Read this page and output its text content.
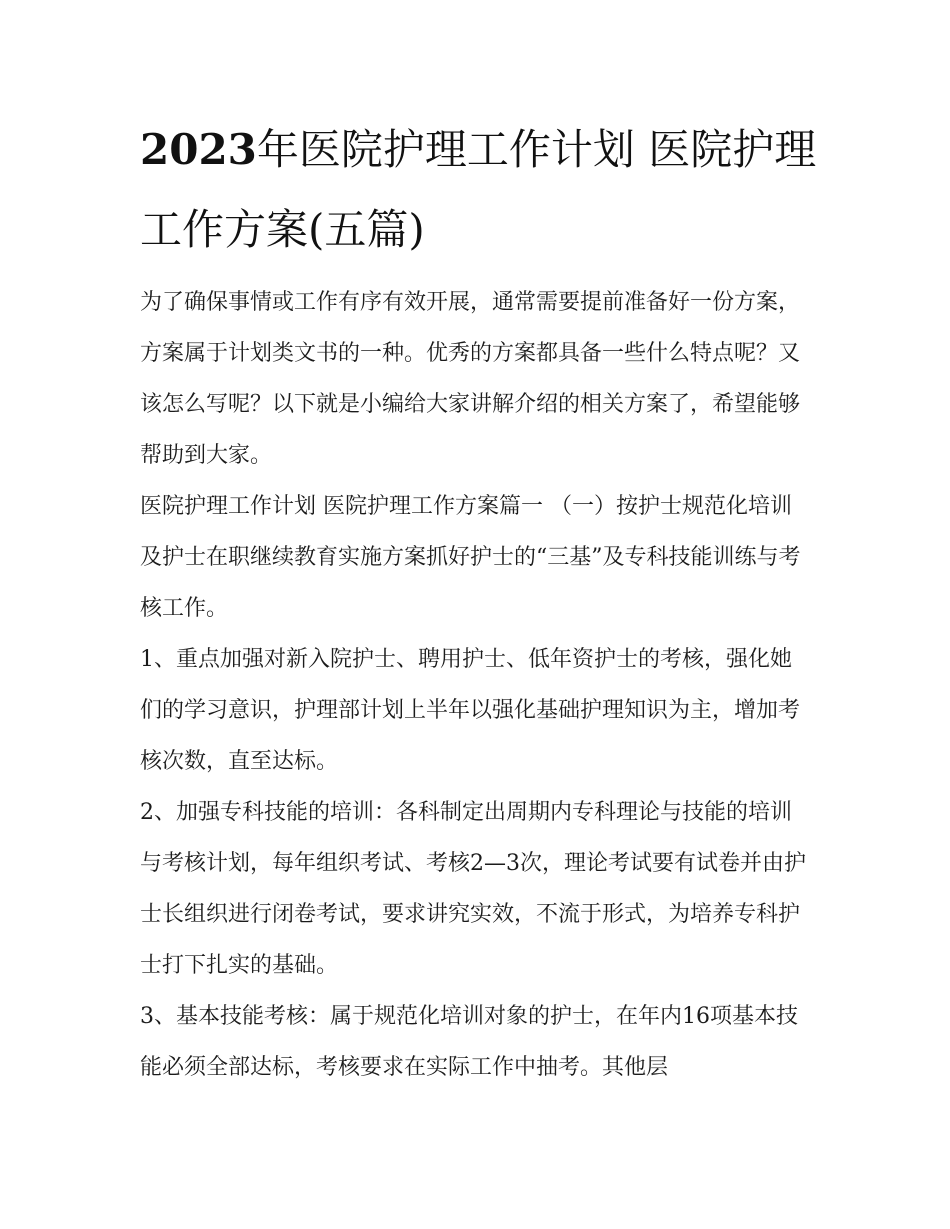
2023年医院护理工作计划 医院护理工作方案(五篇)

为了确保事情或工作有序有效开展，通常需要提前准备好一份方案，方案属于计划类文书的一种。优秀的方案都具备一些什么特点呢？又该怎么写呢？以下就是小编给大家讲解介绍的相关方案了，希望能够帮助到大家。

医院护理工作计划 医院护理工作方案篇一 （一）按护士规范化培训及护士在职继续教育实施方案抓好护士的“三基”及专科技能训练与考核工作。

1、重点加强对新入院护士、聘用护士、低年资护士的考核，强化她们的学习意识，护理部计划上半年以强化基础护理知识为主，增加考核次数，直至达标。

2、加强专科技能的培训：各科制定出周期内专科理论与技能的培训与考核计划，每年组织考试、考核2—3次，理论考试要有试卷并由护士长组织进行闭卷考试，要求讲究实效，不流于形式，为培养专科护士打下扎实的基础。

3、基本技能考核：属于规范化培训对象的护士，在年内16项基本技能必须全部达标，考核要求在实际工作中抽考。其他层
